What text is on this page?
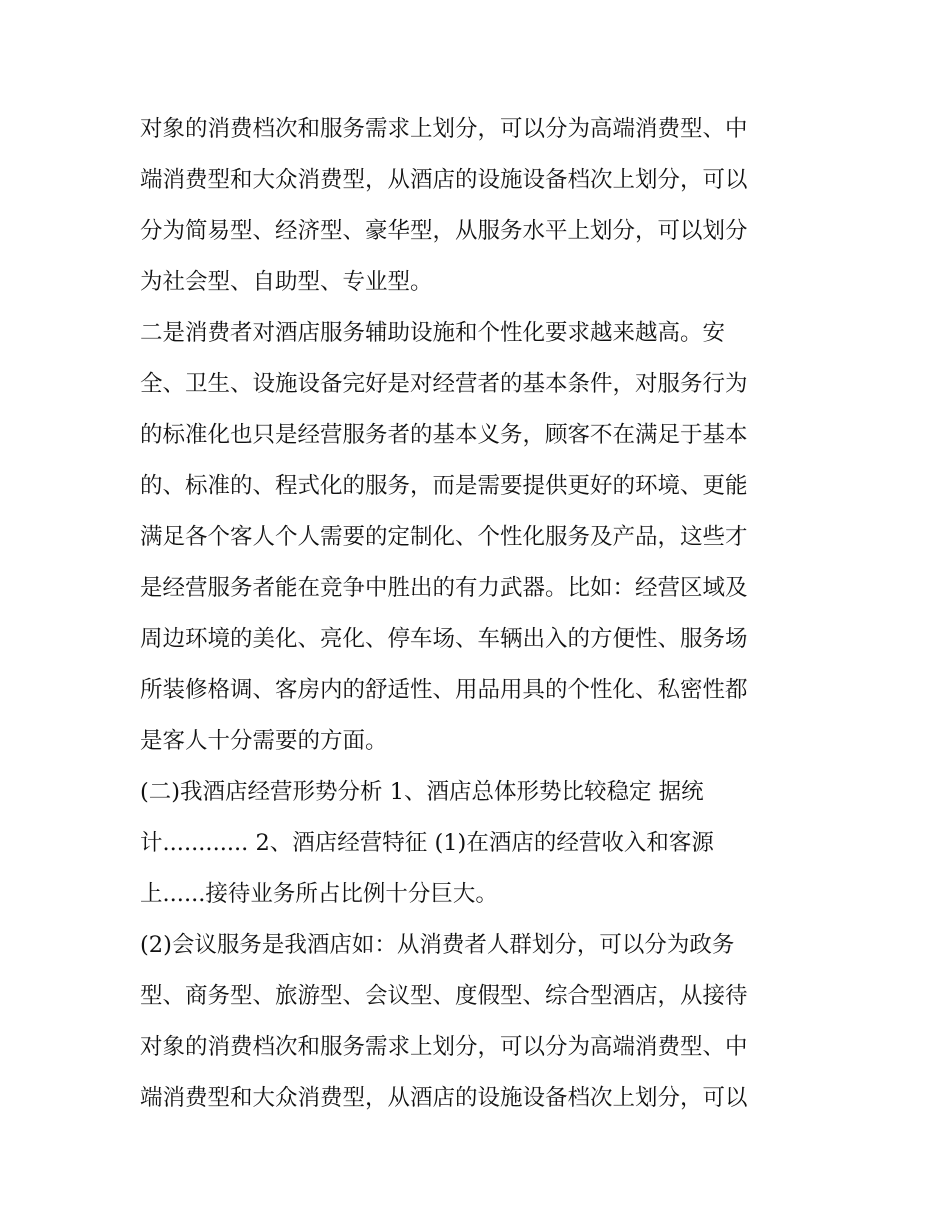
对象的消费档次和服务需求上划分，可以分为高端消费型、中
端消费型和大众消费型，从酒店的设施设备档次上划分，可以
分为简易型、经济型、豪华型，从服务水平上划分，可以划分
为社会型、自助型、专业型。
二是消费者对酒店服务辅助设施和个性化要求越来越高。安
全、卫生、设施设备完好是对经营者的基本条件，对服务行为
的标准化也只是经营服务者的基本义务，顾客不在满足于基本
的、标准的、程式化的服务，而是需要提供更好的环境、更能
满足各个客人个人需要的定制化、个性化服务及产品，这些才
是经营服务者能在竞争中胜出的有力武器。比如：经营区域及
周边环境的美化、亮化、停车场、车辆出入的方便性、服务场
所装修格调、客房内的舒适性、用品用具的个性化、私密性都
是客人十分需要的方面。
(二)我酒店经营形势分析 1、酒店总体形势比较稳定 据统
计............ 2、酒店经营特征 (1)在酒店的经营收入和客源
上......接待业务所占比例十分巨大。
(2)会议服务是我酒店如：从消费者人群划分，可以分为政务
型、商务型、旅游型、会议型、度假型、综合型酒店，从接待
对象的消费档次和服务需求上划分，可以分为高端消费型、中
端消费型和大众消费型，从酒店的设施设备档次上划分，可以
